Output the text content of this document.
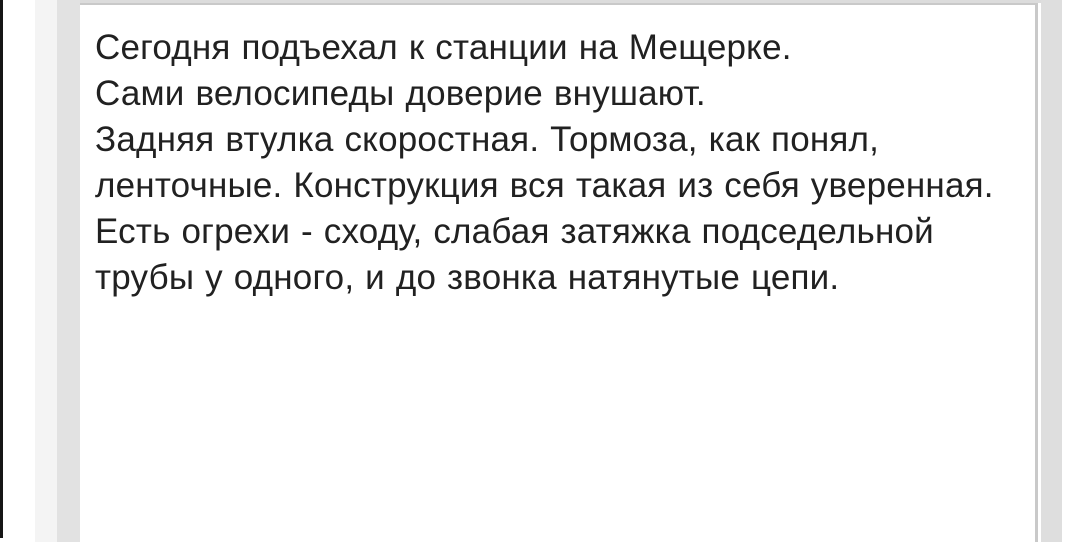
Сегодня подъехал к станции на Мещерке.
Сами велосипеды доверие внушают.
Задняя втулка скоростная. Тормоза, как понял, ленточные. Конструкция вся такая из себя уверенная. Есть огрехи - сходу, слабая затяжка подседельной трубы у одного, и до звонка натянутые цепи.
